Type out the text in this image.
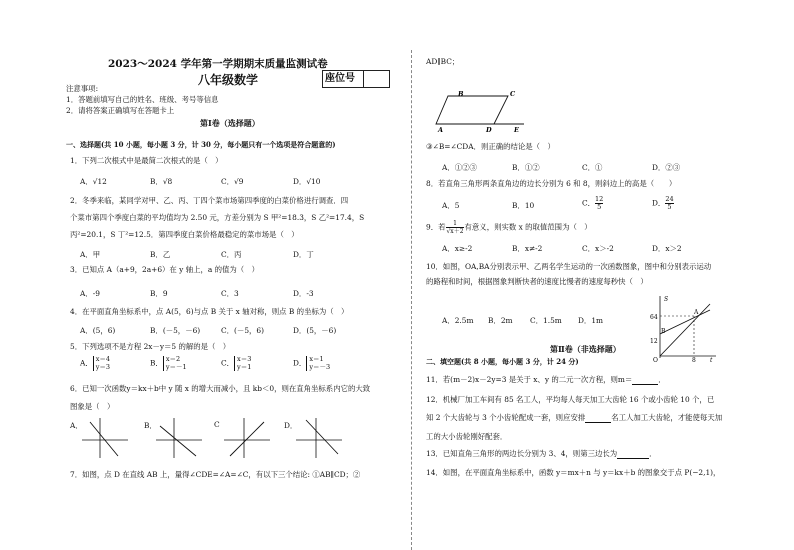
2023～2024 学年第一学期期末质量监测试卷
八年级数学	座位号
注意事项:
1．答题前填写自己的姓名、班级、考号等信息
2．请将答案正确填写在答题卡上
第Ⅰ卷（选择题）
一、选择题(共 10 小题，每小题 3 分，计 30 分，每小题只有一个选项是符合题意的)
1．下列二次根式中是最简二次根式的是（　）
A．√12	B．√8	C．√9	D．√10
2．冬季来临，某同学对甲、乙、丙、丁四个菜市场第四季度的白菜价格进行调查．四
个菜市第四个季度白菜的平均值均为 2.50 元，方差分别为 S 甲²=18.3，S 乙²=17.4，S
丙²=20.1，S 丁²=12.5．第四季度白菜价格最稳定的菜市场是（　）
A．甲	B．乙	C．丙	D．丁
3．已知点 A（a+9，2a+6）在 y 轴上，a 的值为（　）
A．-9	B．9	C．3	D．-3
4．在平面直角坐标系中，点 A(5，6)与点 B 关于 x 轴对称，则点 B 的坐标为（　）
A．(5，6)	B．(－5，－6)	C．(－5，6)	D．(5，－6)
5．下列选项不是方程 2x－y＝5 的解的是（　）
A． x＝4
y＝3	B． x＝2
y＝－1	C． x＝3
y＝1	D． x＝1
y＝－3
6．已知一次函数y＝kx＋b中 y 随 x 的增大而减小，且 kb＜0，则在直角坐标系内它的大致
图象是（　）
A．	B．	C	D．
7．如图，点 D 在直线 AB 上，量得∠CDE=∠A=∠C，有以下三个结论: ①AB∥CD；②
AD∥BC；
B	C
A	D	E
③∠B=∠CDA．则正确的结论是（　）
A．①②③	B．①②	C．①	D．②③
8．若直角三角形两条直角边的边长分别为 6 和 8，则斜边上的高是（　　）
A．5	B．10	C． $\frac{12}{5}$	D． $\frac{24}{5}$
9．若 $\frac{1}{√x+2}$有意义，则实数 x 的取值范围为（　）
A．x≥-2	B．x≠-2	C．x＞-2	D．x＞2
10．如图，OA,BA分别表示甲、乙两名学生运动的一次函数图象，图中和分别表示运动
的路程和时间，根据图象判断快者的速度比慢者的速度每秒快（　）
A．2.5m B．2m C．1.5m D．1m
S
64
A
12
B
O	8 t
第Ⅱ卷（非选择题）
二、填空题(共 8 小题，每小题 3 分，计 24 分)
11．若(m－2)x－2y=3 是关于 x、y 的二元一次方程，则m＝	．
12．机械厂加工车间有 85 名工人，平均每人每天加工大齿轮 16 个或小齿轮 10 个，已
知 2 个大齿轮与 3 个小齿轮配成一套，则应安排	名工人加工大齿轮，才能使每天加
工的大小齿轮刚好配套．
13．已知直角三角形的两边长分别为 3、4，则第三边长为	．
14．如图，在平面直角坐标系中，函数 y＝mx＋n 与 y＝kx＋b 的图象交于点 P(−2,1)，
